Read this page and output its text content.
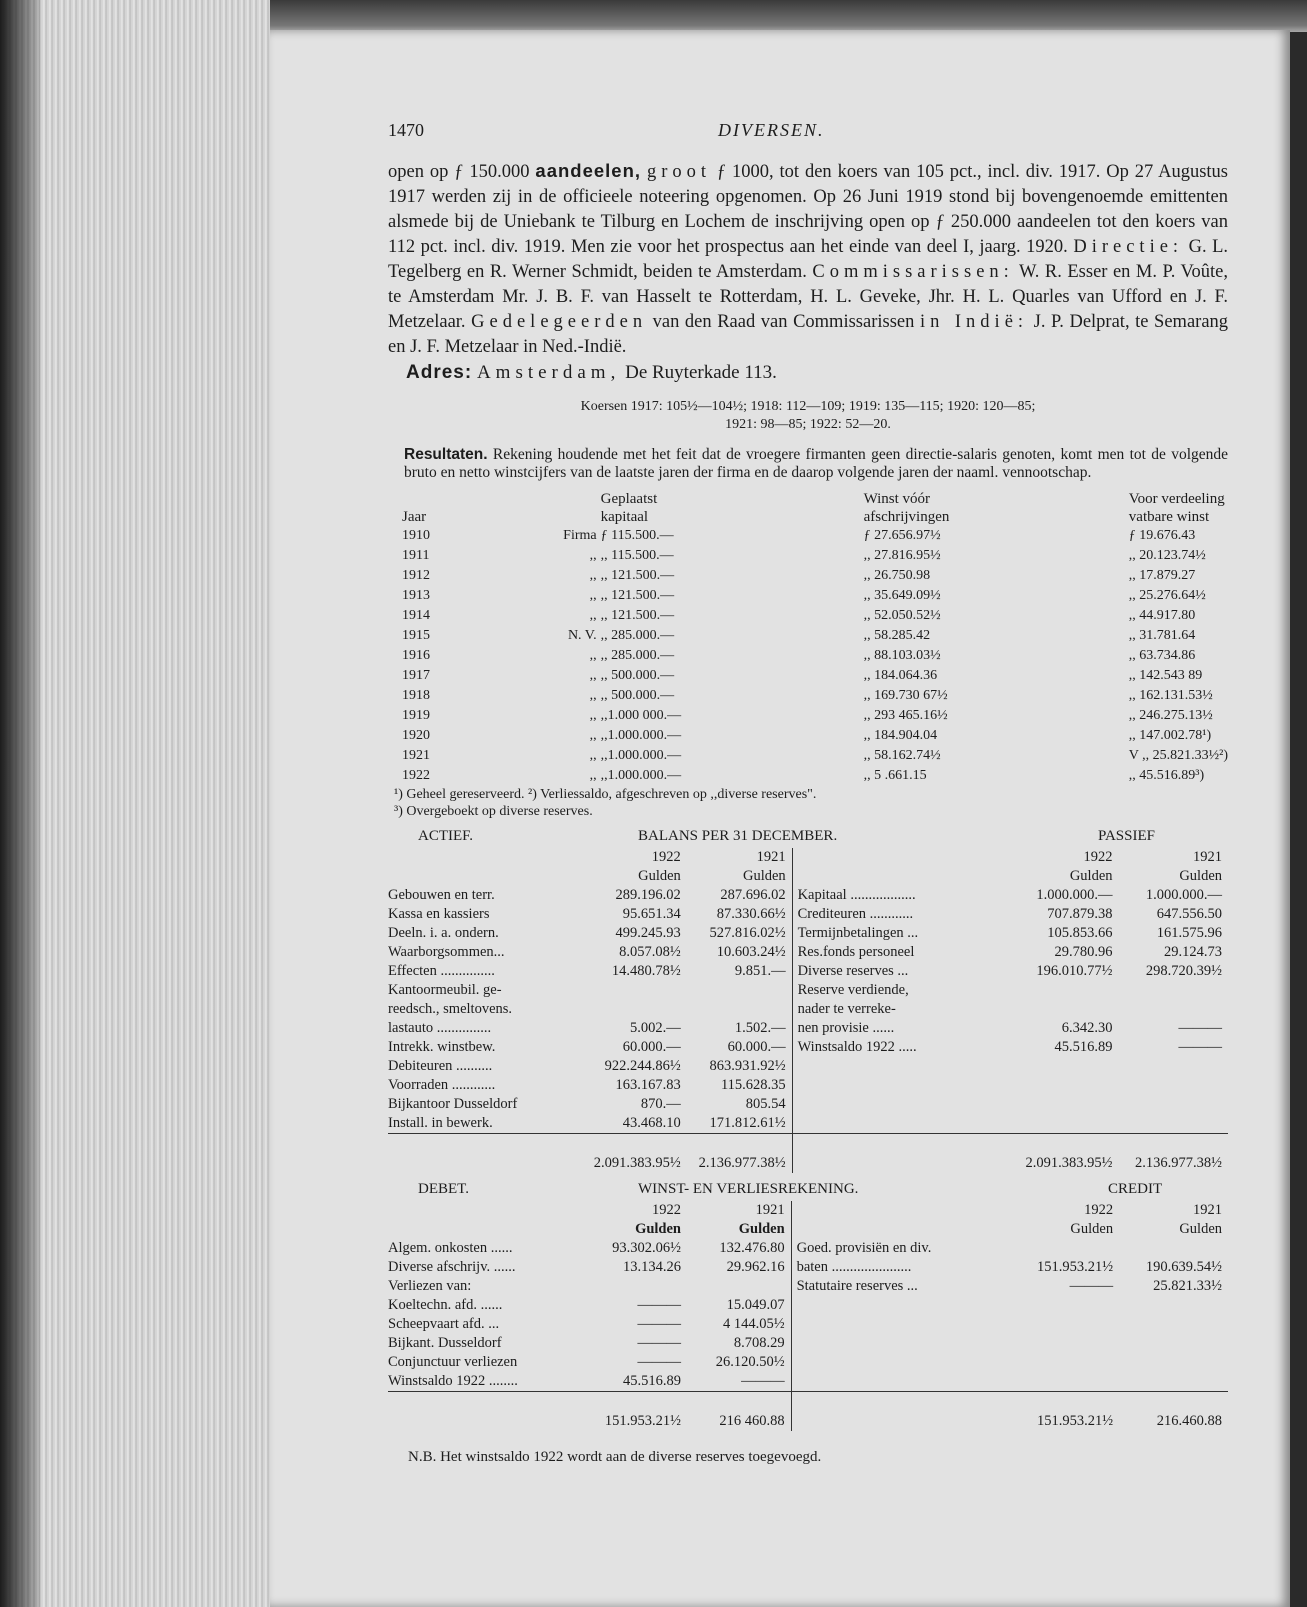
1470	DIVERSEN.

open op ƒ 150.000 aandeelen, groot ƒ 1000, tot den koers van 105 pct., incl. div. 1917. Op 27 Augustus 1917 werden zij in de officieele noteering opgenomen. Op 26 Juni 1919 stond bij bovengenoemde emittenten alsmede bij de Uniebank te Tilburg en Lochem de inschrijving open op ƒ 250.000 aandeelen tot den koers van 112 pct. incl. div. 1919. Men zie voor het prospectus aan het einde van deel I, jaarg. 1920. Directie: G. L. Tegelberg en R. Werner Schmidt, beiden te Amsterdam. Commissarissen: W. R. Esser en M. P. Voûte, te Amsterdam Mr. J. B. F. van Hasselt te Rotterdam, H. L. Geveke, Jhr. H. L. Quarles van Ufford en J. F. Metzelaar. Gedelegeerden van den Raad van Commissarissen in Indië: J. P. Delprat, te Semarang en J. F. Metzelaar in Ned.-Indië.

Adres: Amsterdam, De Ruyterkade 113.
Koersen 1917: 105½—104½; 1918: 112—109; 1919: 135—115; 1920: 120—85;
1921: 98—85; 1922: 52—20.

Resultaten. Rekening houdende met het feit dat de vroegere firmanten geen directie-salaris genoten, komt men tot de volgende bruto en netto winstcijfers van de laatste jaren der firma en de daarop volgende jaren der naaml. vennootschap.

		Geplaatst	Winst vóór	Voor verdeeling
Jaar		kapitaal	afschrijvingen	vatbare winst
1910	Firma	ƒ 115.500.—	ƒ 27.656.97½	ƒ 19.676.43
1911	,,	,, 115.500.—	,, 27.816.95½	,, 20.123.74½
1912	,,	,, 121.500.—	,, 26.750.98	,, 17.879.27
1913	,,	,, 121.500.—	,, 35.649.09½	,, 25.276.64½
1914	,,	,, 121.500.—	,, 52.050.52½	,, 44.917.80
1915	N. V.	,, 285.000.—	,, 58.285.42	,, 31.781.64
1916	,,	,, 285.000.—	,, 88.103.03½	,, 63.734.86
1917	,,	,, 500.000.—	,, 184.064.36	,, 142.543 89
1918	,,	,, 500.000.—	,, 169.730 67½	,, 162.131.53½
1919	,,	,,1.000 000.—	,, 293 465.16½	,, 246.275.13½
1920	,,	,,1.000.000.—	,, 184.904.04	,, 147.002.78¹)
1921	,,	,,1.000.000.—	,, 58.162.74½	V ,, 25.821.33½²)
1922	,,	,,1.000.000.—	,, 5 .661.15	,, 45.516.89³)
¹) Geheel gereserveerd. ²) Verliessaldo, afgeschreven op ,,diverse reserves".
³) Overgeboekt op diverse reserves.
ACTIEF.	BALANS PER 31 DECEMBER.	PASSIEF
	1922	1921			1922	1921
	Gulden	Gulden			Gulden	Gulden
Gebouwen en terr.	289.196.02	287.696.02		Kapitaal ..................	1.000.000.—	1.000.000.—
Kassa en kassiers	95.651.34	87.330.66½		Crediteuren ............	707.879.38	647.556.50
Deeln. i. a. ondern.	499.245.93	527.816.02½		Termijnbetalingen ...	105.853.66	161.575.96
Waarborgsommen...	8.057.08½	10.603.24½		Res.fonds personeel	29.780.96	29.124.73
Effecten ...............	14.480.78½	9.851.—		Diverse reserves ...	196.010.77½	298.720.39½
Kantoormeubil. ge-				Reserve verdiende,		
reedsch., smeltovens.				nader te verreke-		
lastauto ...............	5.002.—	1.502.—		nen provisie ......	6.342.30	———
Intrekk. winstbew.	60.000.—	60.000.—		Winstsaldo 1922 .....	45.516.89	———
Debiteuren ..........	922.244.86½	863.931.92½				
Voorraden ............	163.167.83	115.628.35				
Bijkantoor Dusseldorf	870.—	805.54				
Install. in bewerk.	43.468.10	171.812.61½				
	2.091.383.95½	2.136.977.38½			2.091.383.95½	2.136.977.38½
DEBET.	WINST- EN VERLIESREKENING.	CREDIT
	1922	1921			1922	1921
	Gulden	Gulden			Gulden	Gulden
Algem. onkosten ......	93.302.06½	132.476.80		Goed. provisiën en div.		
Diverse afschrijv. ......	13.134.26	29.962.16		baten ......................	151.953.21½	190.639.54½
Verliezen van:				Statutaire reserves ...	———	25.821.33½
Koeltechn. afd. ......	———	15.049.07				
Scheepvaart afd. ...	———	4 144.05½				
Bijkant. Dusseldorf	———	8.708.29				
Conjunctuur verliezen	———	26.120.50½				
Winstsaldo 1922 ........	45.516.89	———				
	151.953.21½	216 460.88			151.953.21½	216.460.88
N.B. Het winstsaldo 1922 wordt aan de diverse reserves toegevoegd.
